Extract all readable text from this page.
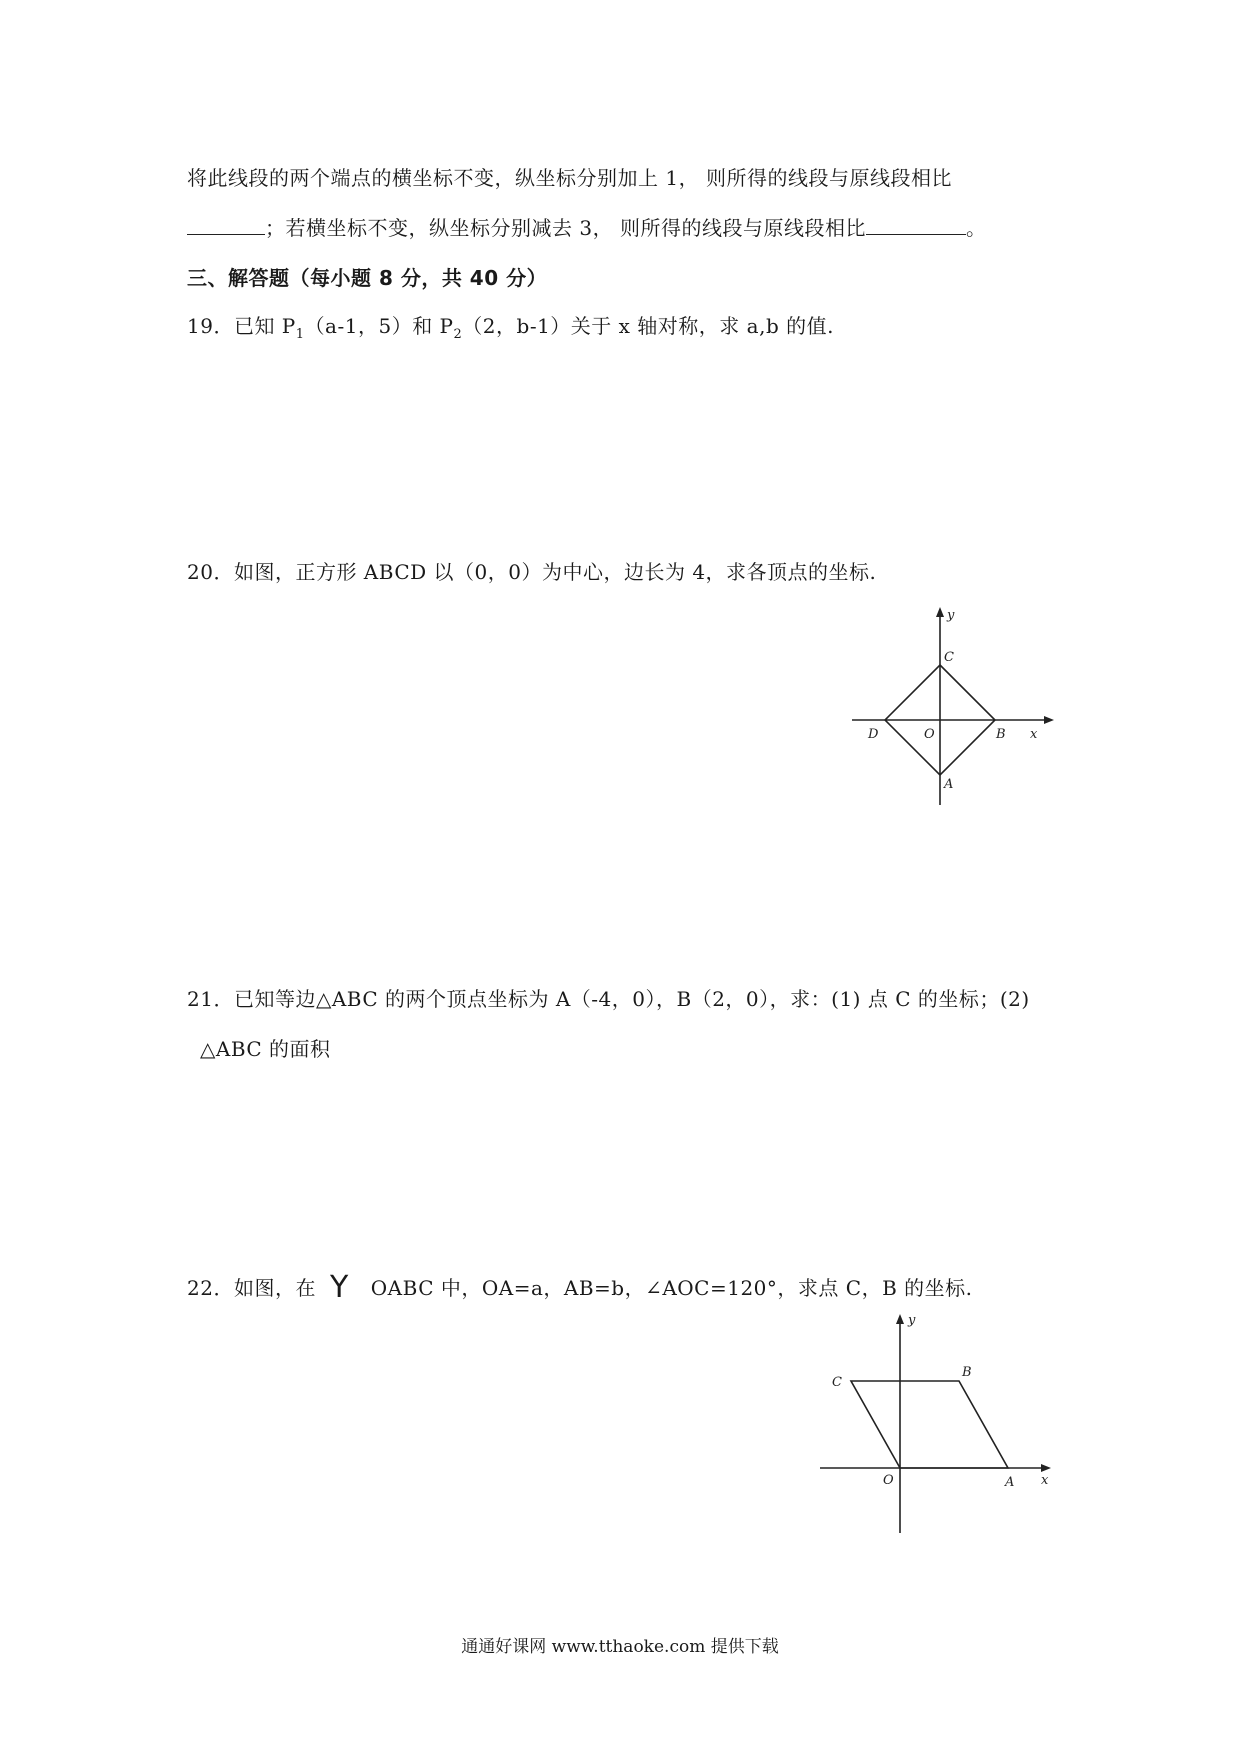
将此线段的两个端点的横坐标不变，纵坐标分别加上 1， 则所得的线段与原线段相比
；若横坐标不变，纵坐标分别减去 3， 则所得的线段与原线段相比	。
三、解答题（每小题 8 分，共 40 分）
19．已知 $P_1(a-1$，5）和 $P_2(2$，b-1）关于 x 轴对称，求 a,b 的值.
20．如图，正方形 ABCD 以（0，0）为中心，边长为 4，求各顶点的坐标.
y
C
D	O	B x
A
21．已知等边△ABC 的两个顶点坐标为 A（-4，0），B（2，0），求：(1) 点 C 的坐标；(2)
△ABC 的面积
22．如图，在 Y OABC 中，OA=a，AB=b，∠AOC=120°，求点 C，B 的坐标.
y
C
B
O	A x
通通好课网 www.tthaoke.com 提供下载
